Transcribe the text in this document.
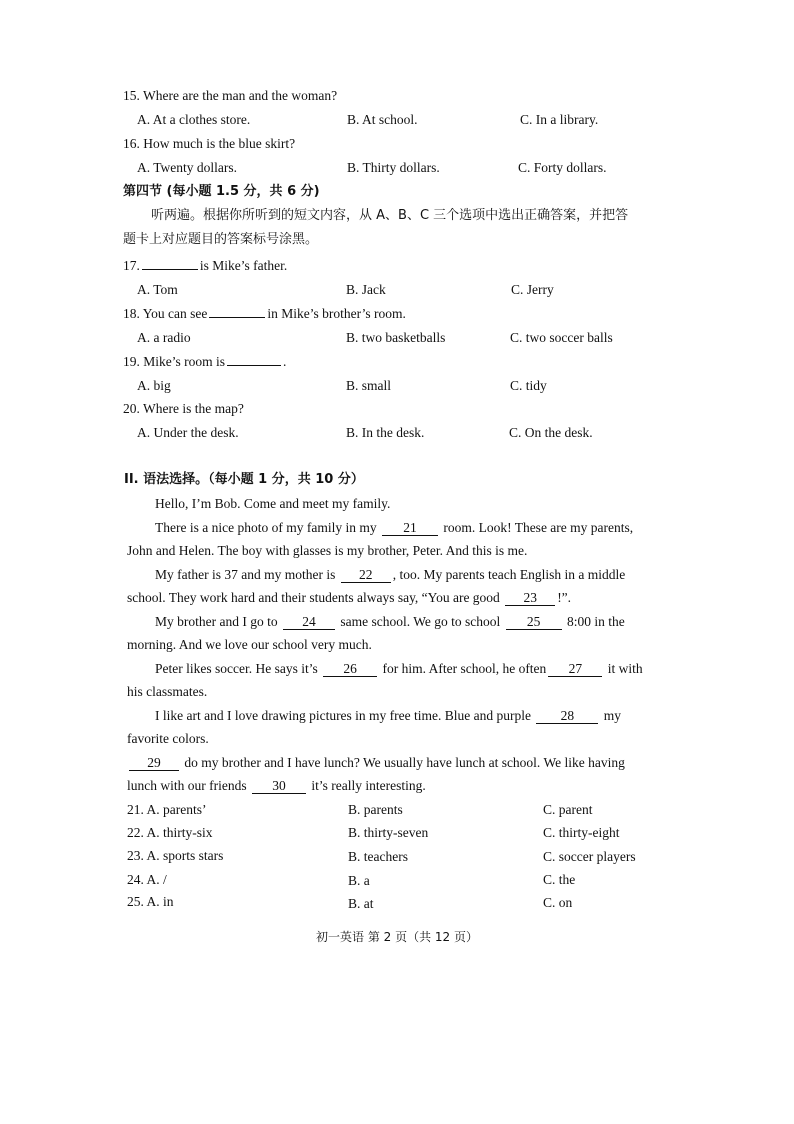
15. Where are the man and the woman?
A. At a clothes store.	B. At school.	C. In a library.
16. How much is the blue skirt?
A. Twenty dollars.	B. Thirty dollars.	C. Forty dollars.
第四节 (每小题 1.5 分，共 6 分)
听两遍。根据你所听到的短文内容，从 A、B、C 三个选项中选出正确答案，并把答
题卡上对应题目的答案标号涂黑。
17.	is Mike’s father.
A. Tom	B. Jack	C. Jerry
18. You can see	in Mike’s brother’s room.
A. a radio	B. two basketballs	C. two soccer balls
19. Mike’s room is	.
A. big	B. small	C. tidy
20. Where is the map?
A. Under the desk.	B. In the desk.	C. On the desk.
II. 语法选择。（每小题 1 分，共 10 分）
Hello, I’m Bob. Come and meet my family.
There is a nice photo of my family in my 21 room. Look! These are my parents,
John and Helen. The boy with glasses is my brother, Peter. And this is me.
My father is 37 and my mother is 22 , too. My parents teach English in a middle
school. They work hard and their students always say, “You are good 23 !”.
My brother and I go to 24 same school. We go to school 25 8:00 in the
morning. And we love our school very much.
Peter likes soccer. He says it’s 26 for him. After school, he often 27 it with
his classmates.
I like art and I love drawing pictures in my free time. Blue and purple 28 my
favorite colors.
29 do my brother and I have lunch? We usually have lunch at school. We like having
lunch with our friends 30 it’s really interesting.
21. A. parents’	B. parents	C. parent
22. A. thirty-six	B. thirty-seven	C. thirty-eight
23. A. sports stars	B. teachers	C. soccer players
24. A. /	B. a	C. the
25. A. in	B. at	C. on
初一英语 第 2 页（共 12 页）
